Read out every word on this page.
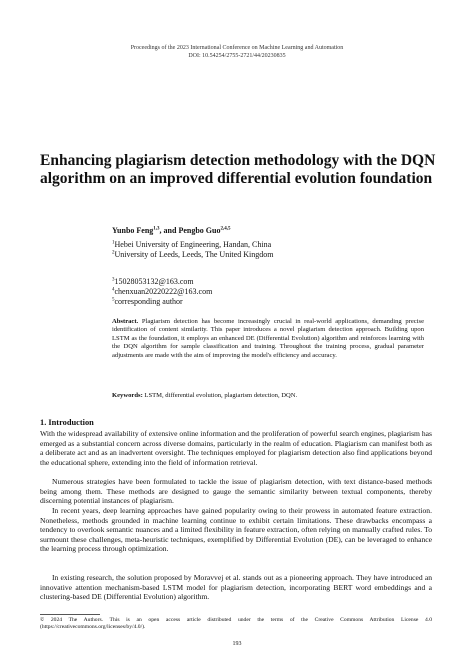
Proceedings of the 2023 International Conference on Machine Learning and Automation
DOI: 10.54254/2755-2721/44/20230835
Enhancing plagiarism detection methodology with the DQN algorithm on an improved differential evolution foundation
Yunbo Feng$^{1,3}$, and Pengbo Guo$^{2,4,5}$
$^1$Hebei University of Engineering, Handan, China
$^2$University of Leeds, Leeds, The United Kingdom
$^3$15028053132@163.com
$^4$chenxuan20220222@163.com
$^5$corresponding author
Abstract. Plagiarism detection has become increasingly crucial in real-world applications, demanding precise identification of content similarity. This paper introduces a novel plagiarism detection approach. Building upon LSTM as the foundation, it employs an enhanced DE (Differential Evolution) algorithm and reinforces learning with the DQN algorithm for sample classification and training. Throughout the training process, gradual parameter adjustments are made with the aim of improving the model's efficiency and accuracy.
Keywords: LSTM, differential evolution, plagiarism detection, DQN.
1. Introduction
With the widespread availability of extensive online information and the proliferation of powerful search engines, plagiarism has emerged as a substantial concern across diverse domains, particularly in the realm of education. Plagiarism can manifest both as a deliberate act and as an inadvertent oversight. The techniques employed for plagiarism detection also find applications beyond the educational sphere, extending into the field of information retrieval.
Numerous strategies have been formulated to tackle the issue of plagiarism detection, with text distance-based methods being among them. These methods are designed to gauge the semantic similarity between textual components, thereby discerning potential instances of plagiarism.
In recent years, deep learning approaches have gained popularity owing to their prowess in automated feature extraction. Nonetheless, methods grounded in machine learning continue to exhibit certain limitations. These drawbacks encompass a tendency to overlook semantic nuances and a limited flexibility in feature extraction, often relying on manually crafted rules. To surmount these challenges, meta-heuristic techniques, exemplified by Differential Evolution (DE), can be leveraged to enhance the learning process through optimization.
In existing research, the solution proposed by Moravvej et al. stands out as a pioneering approach. They have introduced an innovative attention mechanism-based LSTM model for plagiarism detection, incorporating BERT word embeddings and a clustering-based DE (Differential Evolution) algorithm.
© 2024 The Authors. This is an open access article distributed under the terms of the Creative Commons Attribution License 4.0 (https://creativecommons.org/licenses/by/4.0/).
193
